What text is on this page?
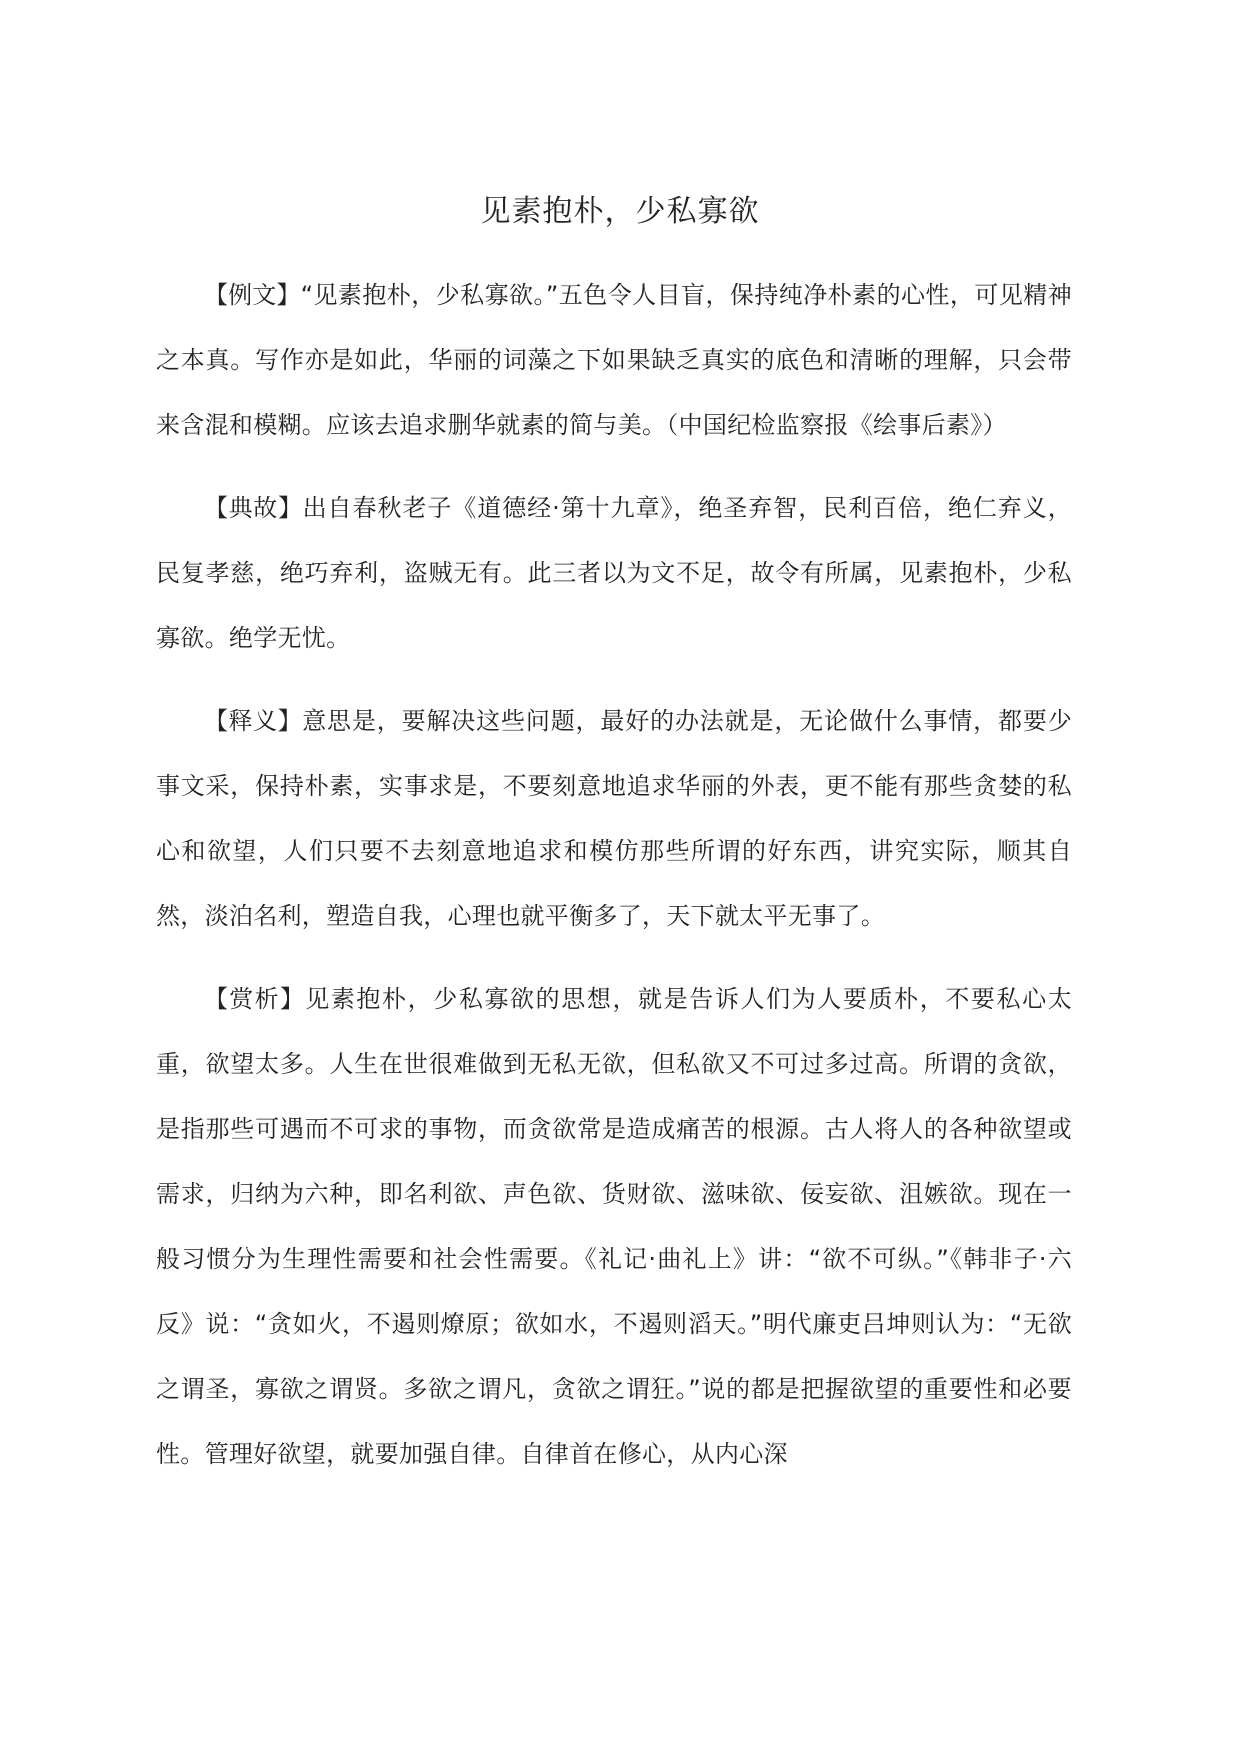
见素抱朴，少私寡欲

【例文】“见素抱朴，少私寡欲。”五色令人目盲，保持纯净朴素的心性，可见精神之本真。写作亦是如此，华丽的词藻之下如果缺乏真实的底色和清晰的理解，只会带来含混和模糊。应该去追求删华就素的简与美。（中国纪检监察报《绘事后素》）

【典故】出自春秋老子《道德经·第十九章》，绝圣弃智，民利百倍，绝仁弃义，民复孝慈，绝巧弃利，盗贼无有。此三者以为文不足，故令有所属，见素抱朴，少私寡欲。绝学无忧。

【释义】意思是，要解决这些问题，最好的办法就是，无论做什么事情，都要少事文采，保持朴素，实事求是，不要刻意地追求华丽的外表，更不能有那些贪婪的私心和欲望，人们只要不去刻意地追求和模仿那些所谓的好东西，讲究实际，顺其自然，淡泊名利，塑造自我，心理也就平衡多了，天下就太平无事了。

【赏析】见素抱朴，少私寡欲的思想，就是告诉人们为人要质朴，不要私心太重，欲望太多。人生在世很难做到无私无欲，但私欲又不可过多过高。所谓的贪欲，是指那些可遇而不可求的事物，而贪欲常是造成痛苦的根源。古人将人的各种欲望或需求，归纳为六种，即名利欲、声色欲、货财欲、滋味欲、佞妄欲、沮嫉欲。现在一般习惯分为生理性需要和社会性需要。《礼记·曲礼上》讲：“欲不可纵。”《韩非子·六反》说：“贪如火，不遏则燎原；欲如水，不遏则滔天。”明代廉吏吕坤则认为：“无欲之谓圣，寡欲之谓贤。多欲之谓凡，贪欲之谓狂。”说的都是把握欲望的重要性和必要性。管理好欲望，就要加强自律。自律首在修心，从内心深
